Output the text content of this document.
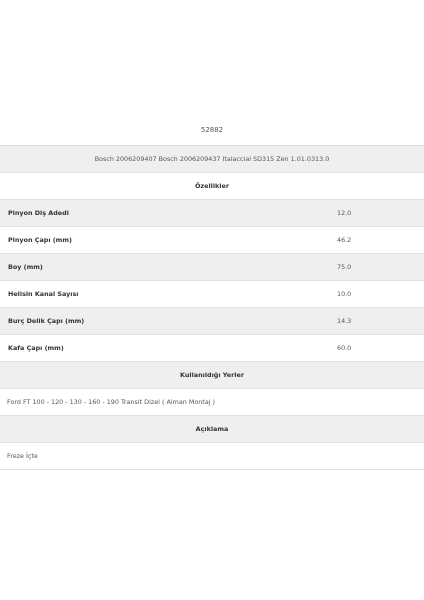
52882
Bosch 2006209407 Bosch 2006209437 Italacciai SD315 Zen 1.01.0313.0
Özellikler
Pinyon Diş Adedi	12.0
Pinyon Çapı (mm)	46.2
Boy (mm)	75.0
Helisin Kanal Sayısı	10.0
Burç Delik Çapı (mm)	14.3
Kafa Çapı (mm)	60.0
Kullanıldığı Yerler
Ford FT 100 - 120 - 130 - 160 - 190 Transit Dizel ( Alman Montaj )
Açıklama
Freze İçte
